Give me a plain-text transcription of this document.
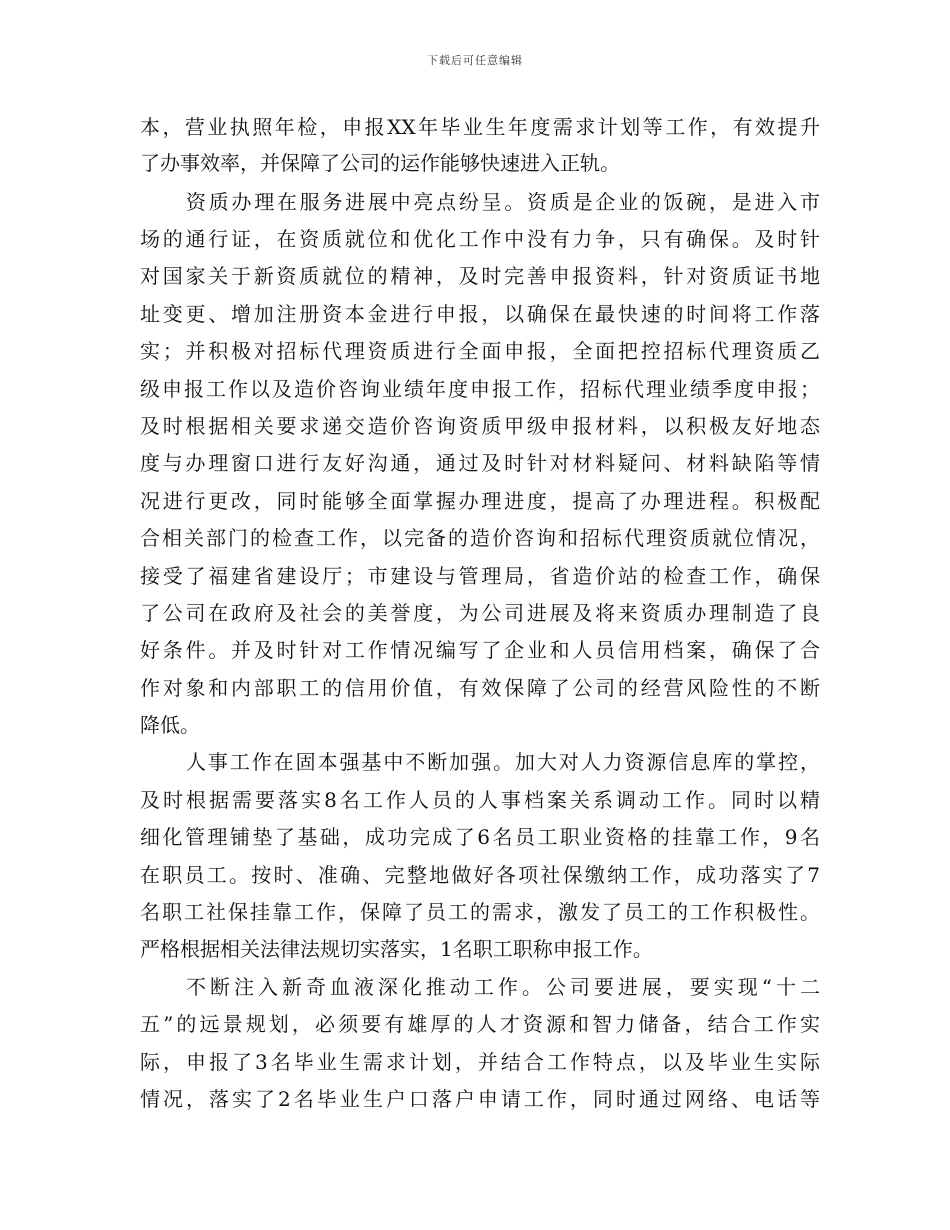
下载后可任意编辑
本，营业执照年检，申报XX年毕业生年度需求计划等工作，有效提升
了办事效率，并保障了公司的运作能够快速进入正轨。
资质办理在服务进展中亮点纷呈。资质是企业的饭碗，是进入市
场的通行证，在资质就位和优化工作中没有力争，只有确保。及时针
对国家关于新资质就位的精神，及时完善申报资料，针对资质证书地
址变更、增加注册资本金进行申报，以确保在最快速的时间将工作落
实；并积极对招标代理资质进行全面申报，全面把控招标代理资质乙
级申报工作以及造价咨询业绩年度申报工作，招标代理业绩季度申报；
及时根据相关要求递交造价咨询资质甲级申报材料，以积极友好地态
度与办理窗口进行友好沟通，通过及时针对材料疑问、材料缺陷等情
况进行更改，同时能够全面掌握办理进度，提高了办理进程。积极配
合相关部门的检查工作，以完备的造价咨询和招标代理资质就位情况，
接受了福建省建设厅；市建设与管理局，省造价站的检查工作，确保
了公司在政府及社会的美誉度，为公司进展及将来资质办理制造了良
好条件。并及时针对工作情况编写了企业和人员信用档案，确保了合
作对象和内部职工的信用价值，有效保障了公司的经营风险性的不断
降低。
人事工作在固本强基中不断加强。加大对人力资源信息库的掌控，
及时根据需要落实8名工作人员的人事档案关系调动工作。同时以精
细化管理铺垫了基础，成功完成了6名员工职业资格的挂靠工作，9名
在职员工。按时、准确、完整地做好各项社保缴纳工作，成功落实了7
名职工社保挂靠工作，保障了员工的需求，激发了员工的工作积极性。
严格根据相关法律法规切实落实，1名职工职称申报工作。
不断注入新奇血液深化推动工作。公司要进展，要实现“十二
五”的远景规划，必须要有雄厚的人才资源和智力储备，结合工作实
际，申报了3名毕业生需求计划，并结合工作特点，以及毕业生实际
情况，落实了2名毕业生户口落户申请工作，同时通过网络、电话等
